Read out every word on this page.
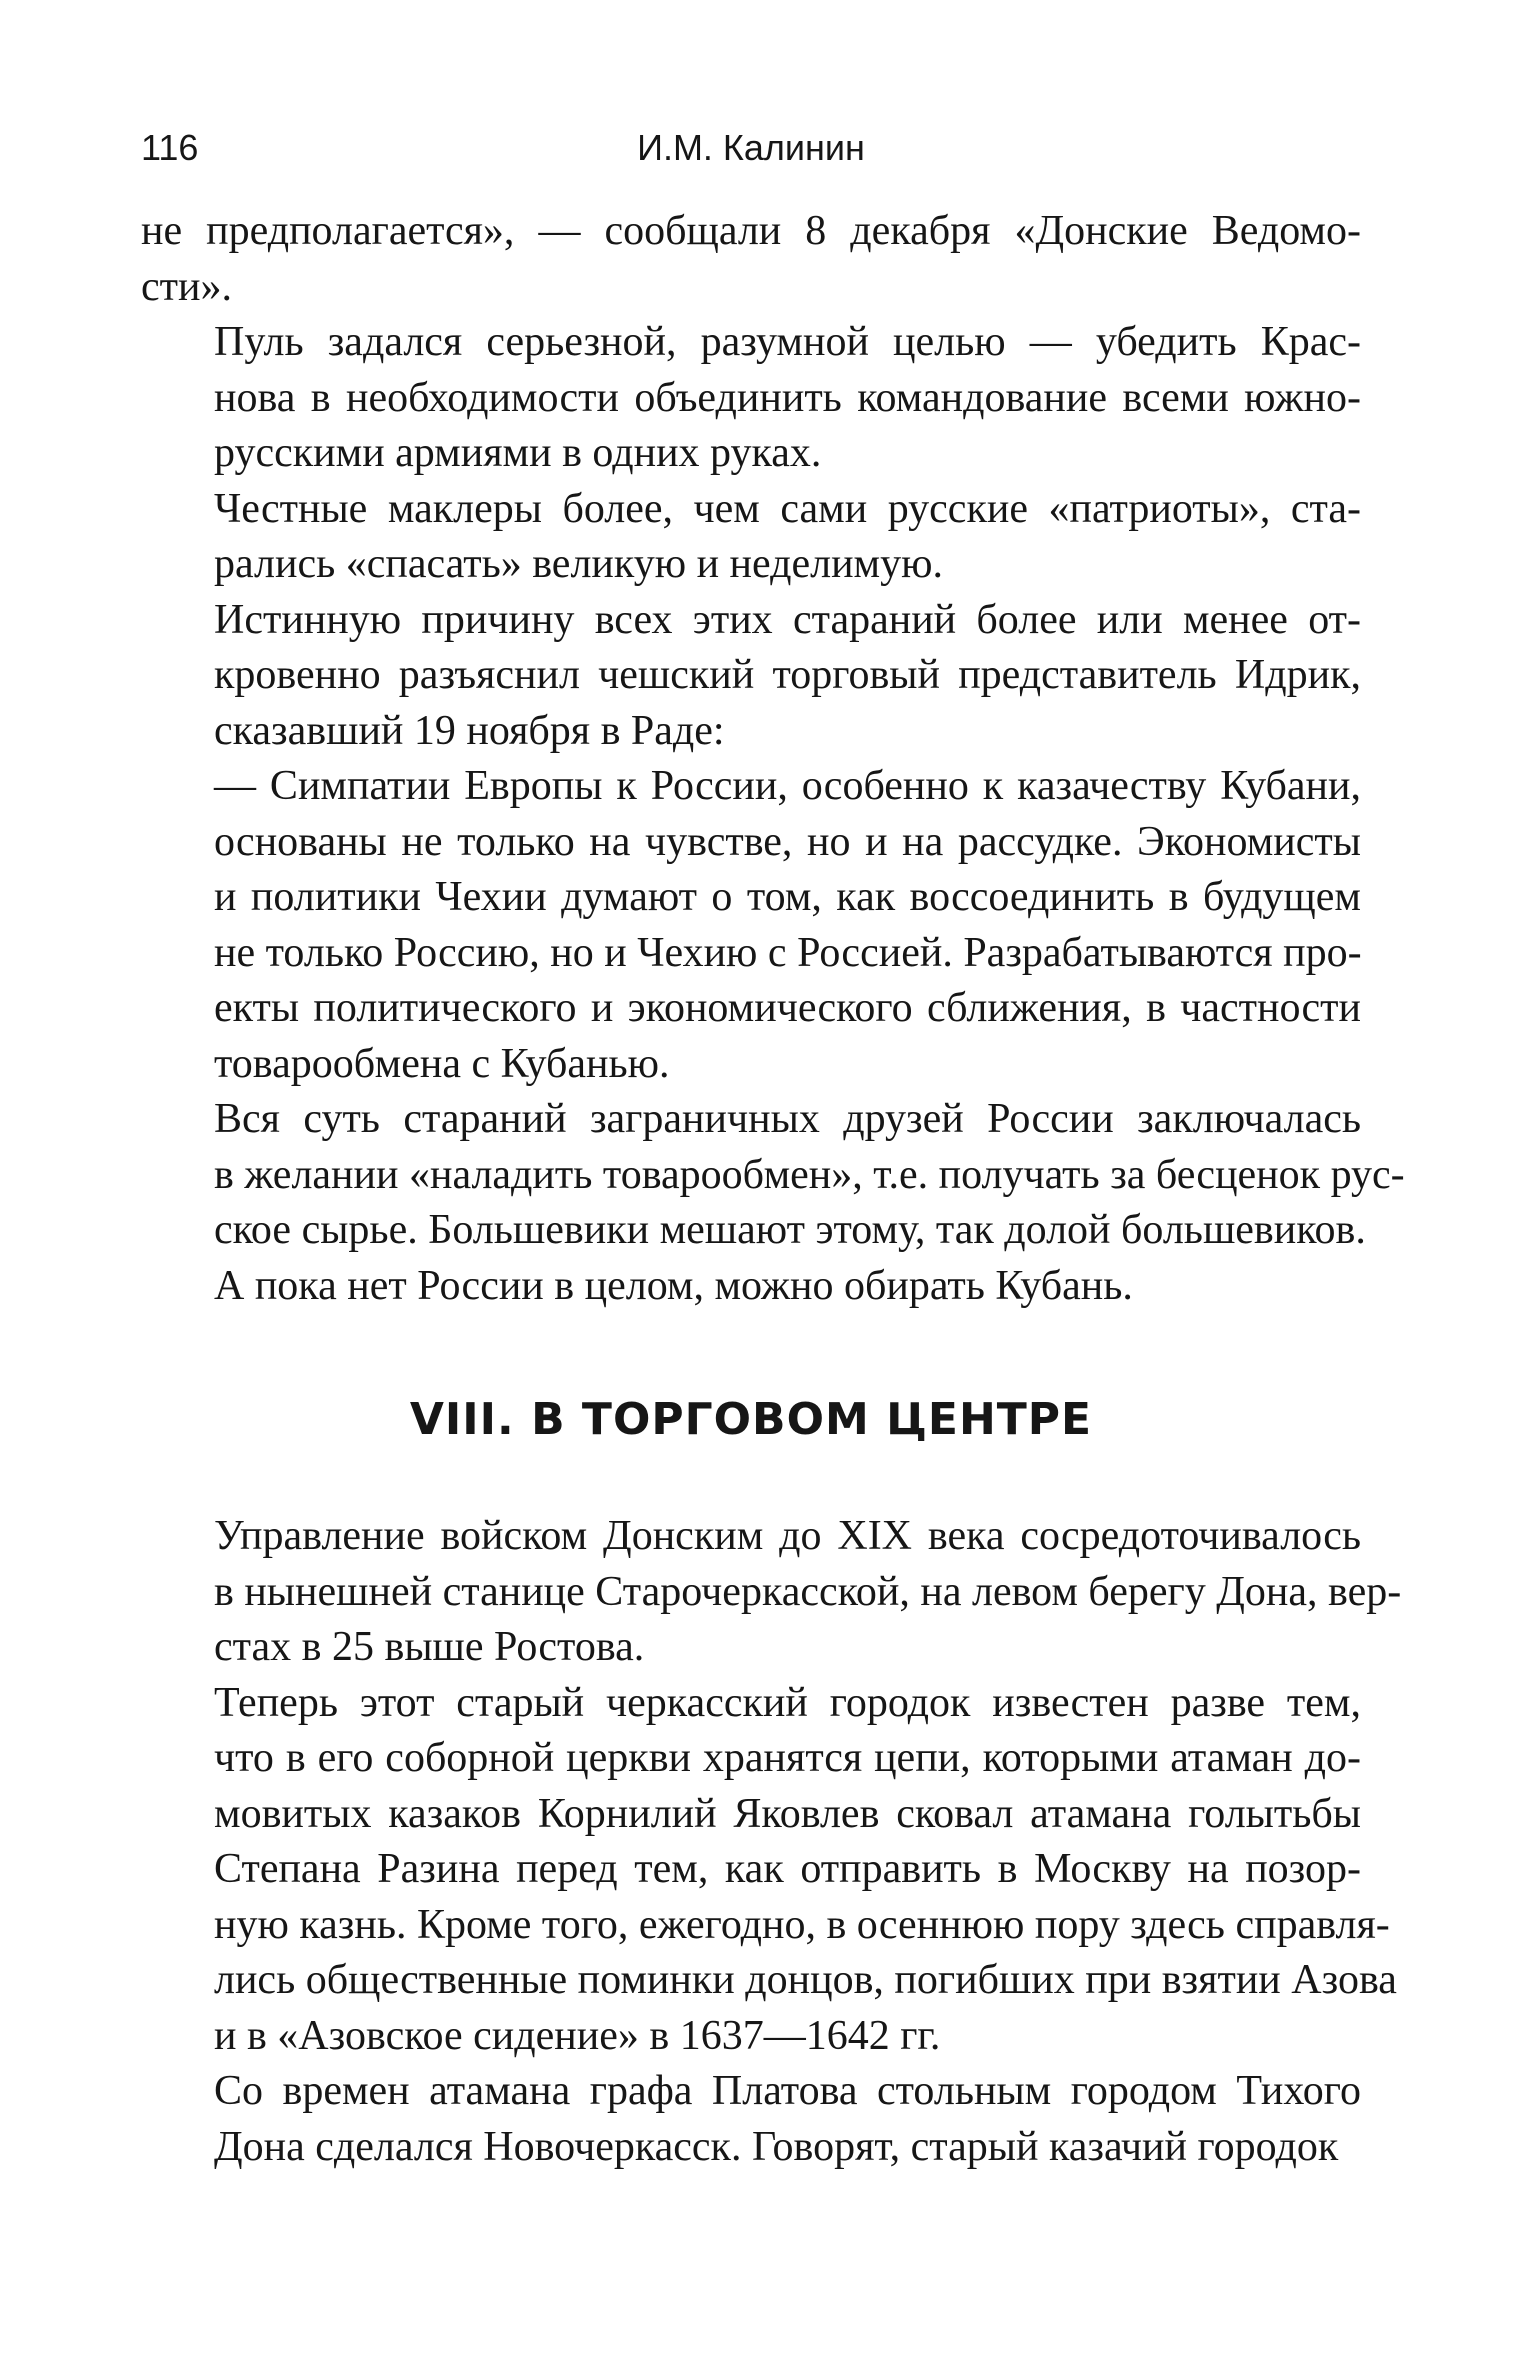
116	И.М. Калинин

не предполагается», — сообщали 8 декабря «Донские Ведомо-
сти».

Пуль задался серьезной, разумной целью — убедить Крас-
нова в необходимости объединить командование всеми южно-
русскими армиями в одних руках.

Честные маклеры более, чем сами русские «патриоты», ста-
рались «спасать» великую и неделимую.

Истинную причину всех этих стараний более или менее от-
кровенно разъяснил чешский торговый представитель Идрик,
сказавший 19 ноября в Раде:

— Симпатии Европы к России, особенно к казачеству Кубани,
основаны не только на чувстве, но и на рассудке. Экономисты
и политики Чехии думают о том, как воссоединить в будущем
не только Россию, но и Чехию с Россией. Разрабатываются про-
екты политического и экономического сближения, в частности
товарообмена с Кубанью.

Вся суть стараний заграничных друзей России заключалась
в желании «наладить товарообмен», т.е. получать за бесценок рус-
ское сырье. Большевики мешают этому, так долой большевиков.
А пока нет России в целом, можно обирать Кубань.

VIII. В ТОРГОВОМ ЦЕНТРЕ

Управление войском Донским до XIX века сосредоточивалось
в нынешней станице Старочеркасской, на левом берегу Дона, вер-
стах в 25 выше Ростова.

Теперь этот старый черкасский городок известен разве тем,
что в его соборной церкви хранятся цепи, которыми атаман до-
мовитых казаков Корнилий Яковлев сковал атамана голытьбы
Степана Разина перед тем, как отправить в Москву на позор-
ную казнь. Кроме того, ежегодно, в осеннюю пору здесь справля-
лись общественные поминки донцов, погибших при взятии Азова
и в «Азовское сидение» в 1637—1642 гг.

Со времен атамана графа Платова стольным городом Тихого
Дона сделался Новочеркасск. Говорят, старый казачий городок
